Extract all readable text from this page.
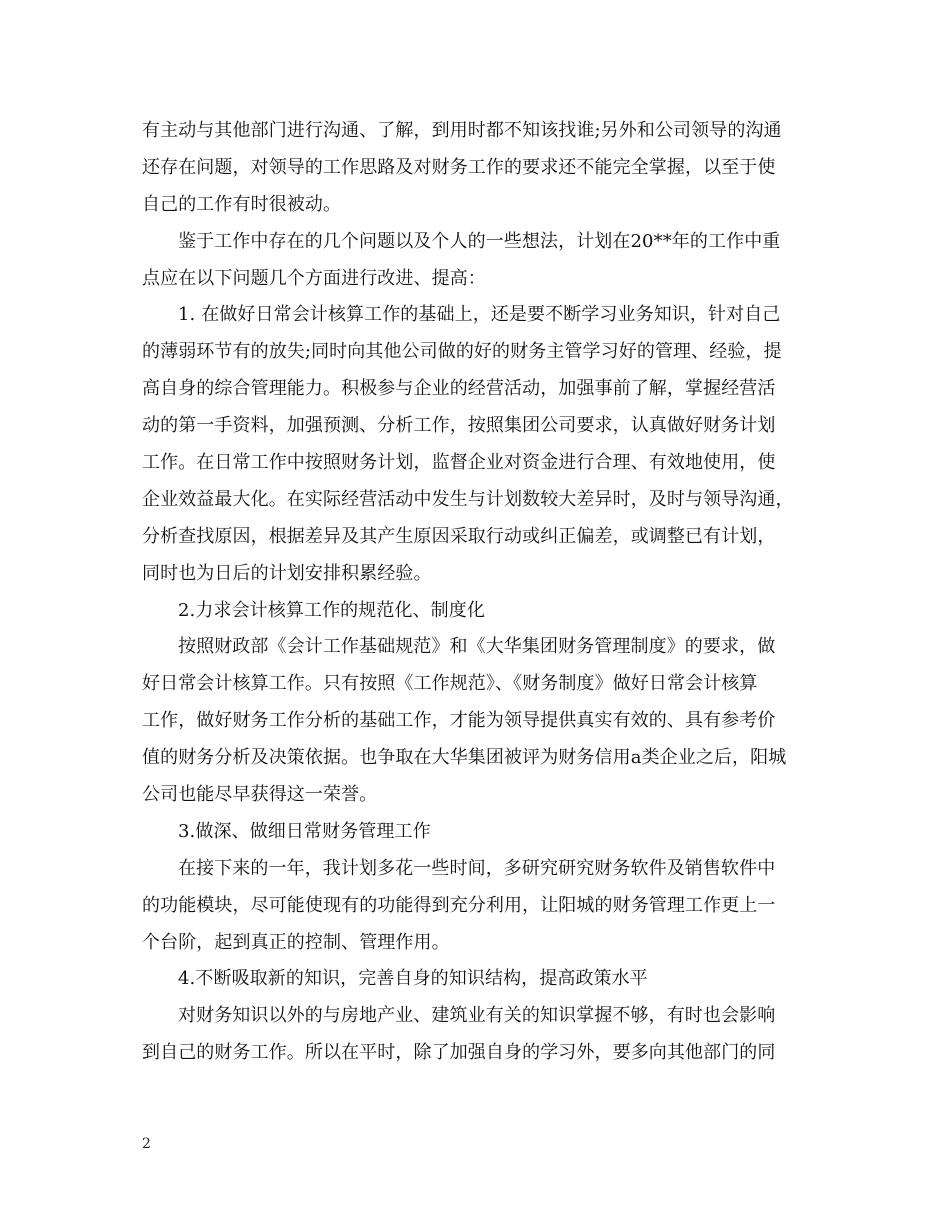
有主动与其他部门进行沟通、了解，到用时都不知该找谁;另外和公司领导的沟通
还存在问题，对领导的工作思路及对财务工作的要求还不能完全掌握，以至于使
自己的工作有时很被动。
鉴于工作中存在的几个问题以及个人的一些想法，计划在20**年的工作中重
点应在以下问题几个方面进行改进、提高：
1. 在做好日常会计核算工作的基础上，还是要不断学习业务知识，针对自己
的薄弱环节有的放失;同时向其他公司做的好的财务主管学习好的管理、经验，提
高自身的综合管理能力。积极参与企业的经营活动，加强事前了解，掌握经营活
动的第一手资料，加强预测、分析工作，按照集团公司要求，认真做好财务计划
工作。在日常工作中按照财务计划，监督企业对资金进行合理、有效地使用，使
企业效益最大化。在实际经营活动中发生与计划数较大差异时，及时与领导沟通，
分析查找原因，根据差异及其产生原因采取行动或纠正偏差，或调整已有计划，
同时也为日后的计划安排积累经验。
2.力求会计核算工作的规范化、制度化
按照财政部《会计工作基础规范》和《大华集团财务管理制度》的要求，做
好日常会计核算工作。只有按照《工作规范》、《财务制度》做好日常会计核算
工作，做好财务工作分析的基础工作，才能为领导提供真实有效的、具有参考价
值的财务分析及决策依据。也争取在大华集团被评为财务信用a类企业之后，阳城
公司也能尽早获得这一荣誉。
3.做深、做细日常财务管理工作
在接下来的一年，我计划多花一些时间，多研究研究财务软件及销售软件中
的功能模块，尽可能使现有的功能得到充分利用，让阳城的财务管理工作更上一
个台阶，起到真正的控制、管理作用。
4.不断吸取新的知识，完善自身的知识结构，提高政策水平
对财务知识以外的与房地产业、建筑业有关的知识掌握不够，有时也会影响
到自己的财务工作。所以在平时，除了加强自身的学习外，要多向其他部门的同
2
